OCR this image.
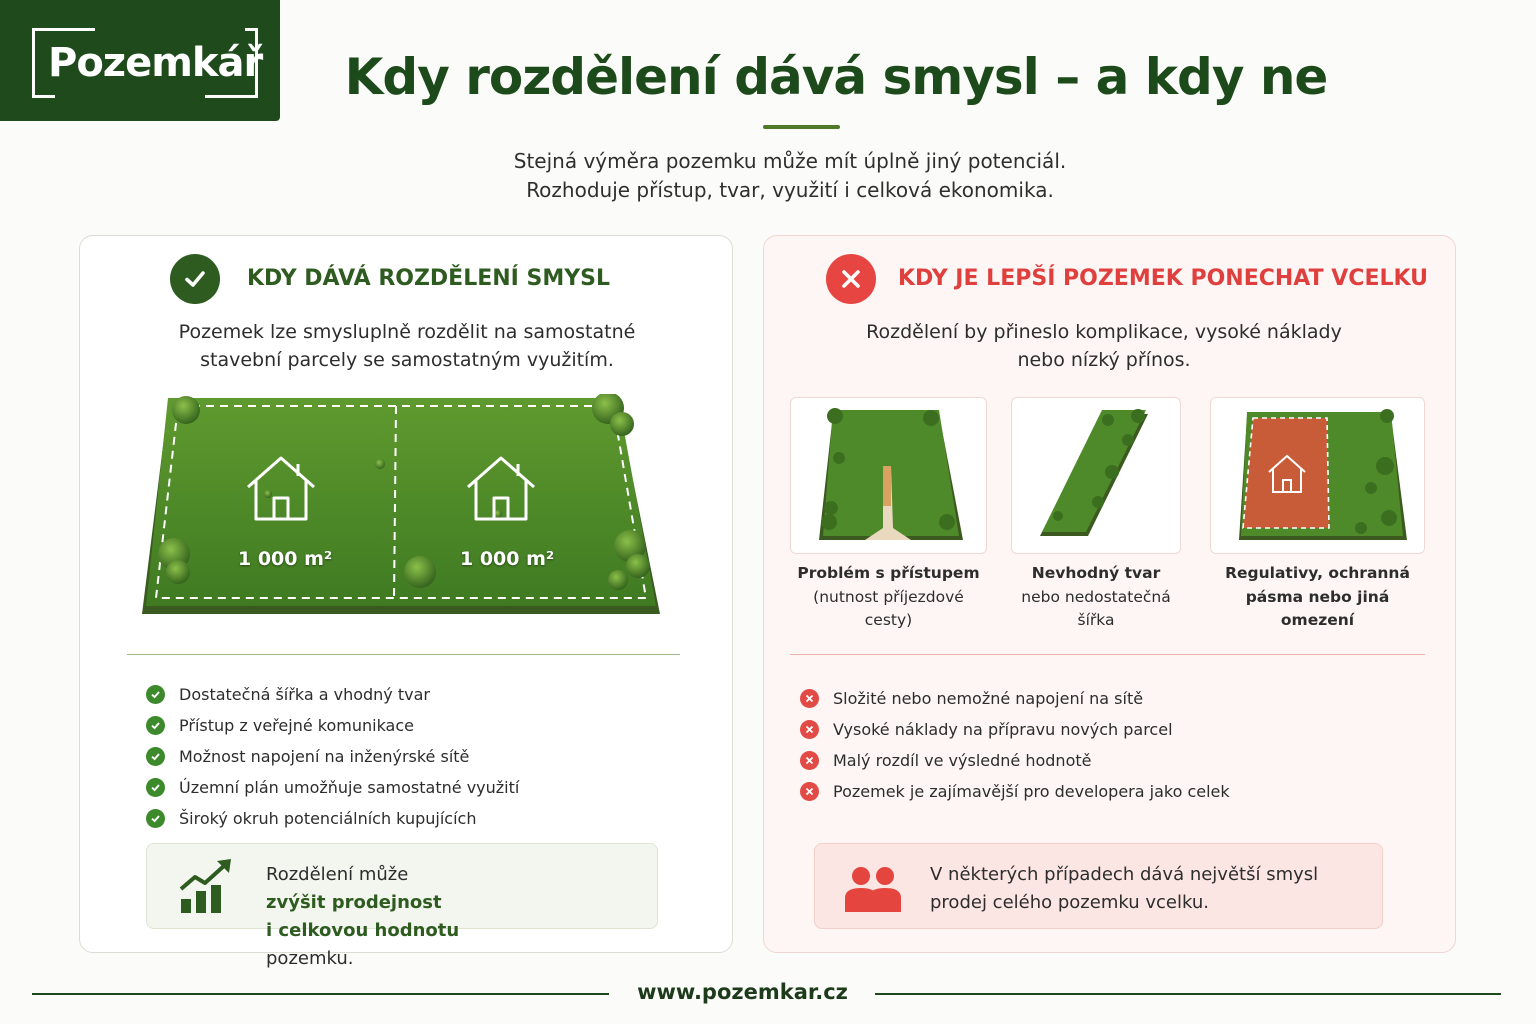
Pozemkář	Kdy rozdělení dává smysl – a kdy ne
Stejná výměra pozemku může mít úplně jiný potenciál.
Rozhoduje přístup, tvar, využití i celková ekonomika.
KDY DÁVÁ ROZDĚLENÍ SMYSL
Pozemek lze smysluplně rozdělit na samostatné
stavební parcely se samostatným využitím.
1 000 m²	1 000 m²
Dostatečná šířka a vhodný tvar
Přístup z veřejné komunikace
Možnost napojení na inženýrské sítě
Územní plán umožňuje samostatné využití
Široký okruh potenciálních kupujících
Rozdělení může
zvýšit prodejnost
i celkovou hodnotu
pozemku.
KDY JE LEPŠÍ POZEMEK PONECHAT VCELKU
Rozdělení by přineslo komplikace, vysoké náklady
nebo nízký přínos.
Problém s přístupem
(nutnost příjezdové
cesty)
Nevhodný tvar
nebo nedostatečná
šířka
Regulativy, ochranná
pásma nebo jiná
omezení
Složité nebo nemožné napojení na sítě
Vysoké náklady na přípravu nových parcel
Malý rozdíl ve výsledné hodnotě
Pozemek je zajímavější pro developera jako celek
V některých případech dává největší smysl
prodej celého pozemku vcelku.
www.pozemkar.cz
